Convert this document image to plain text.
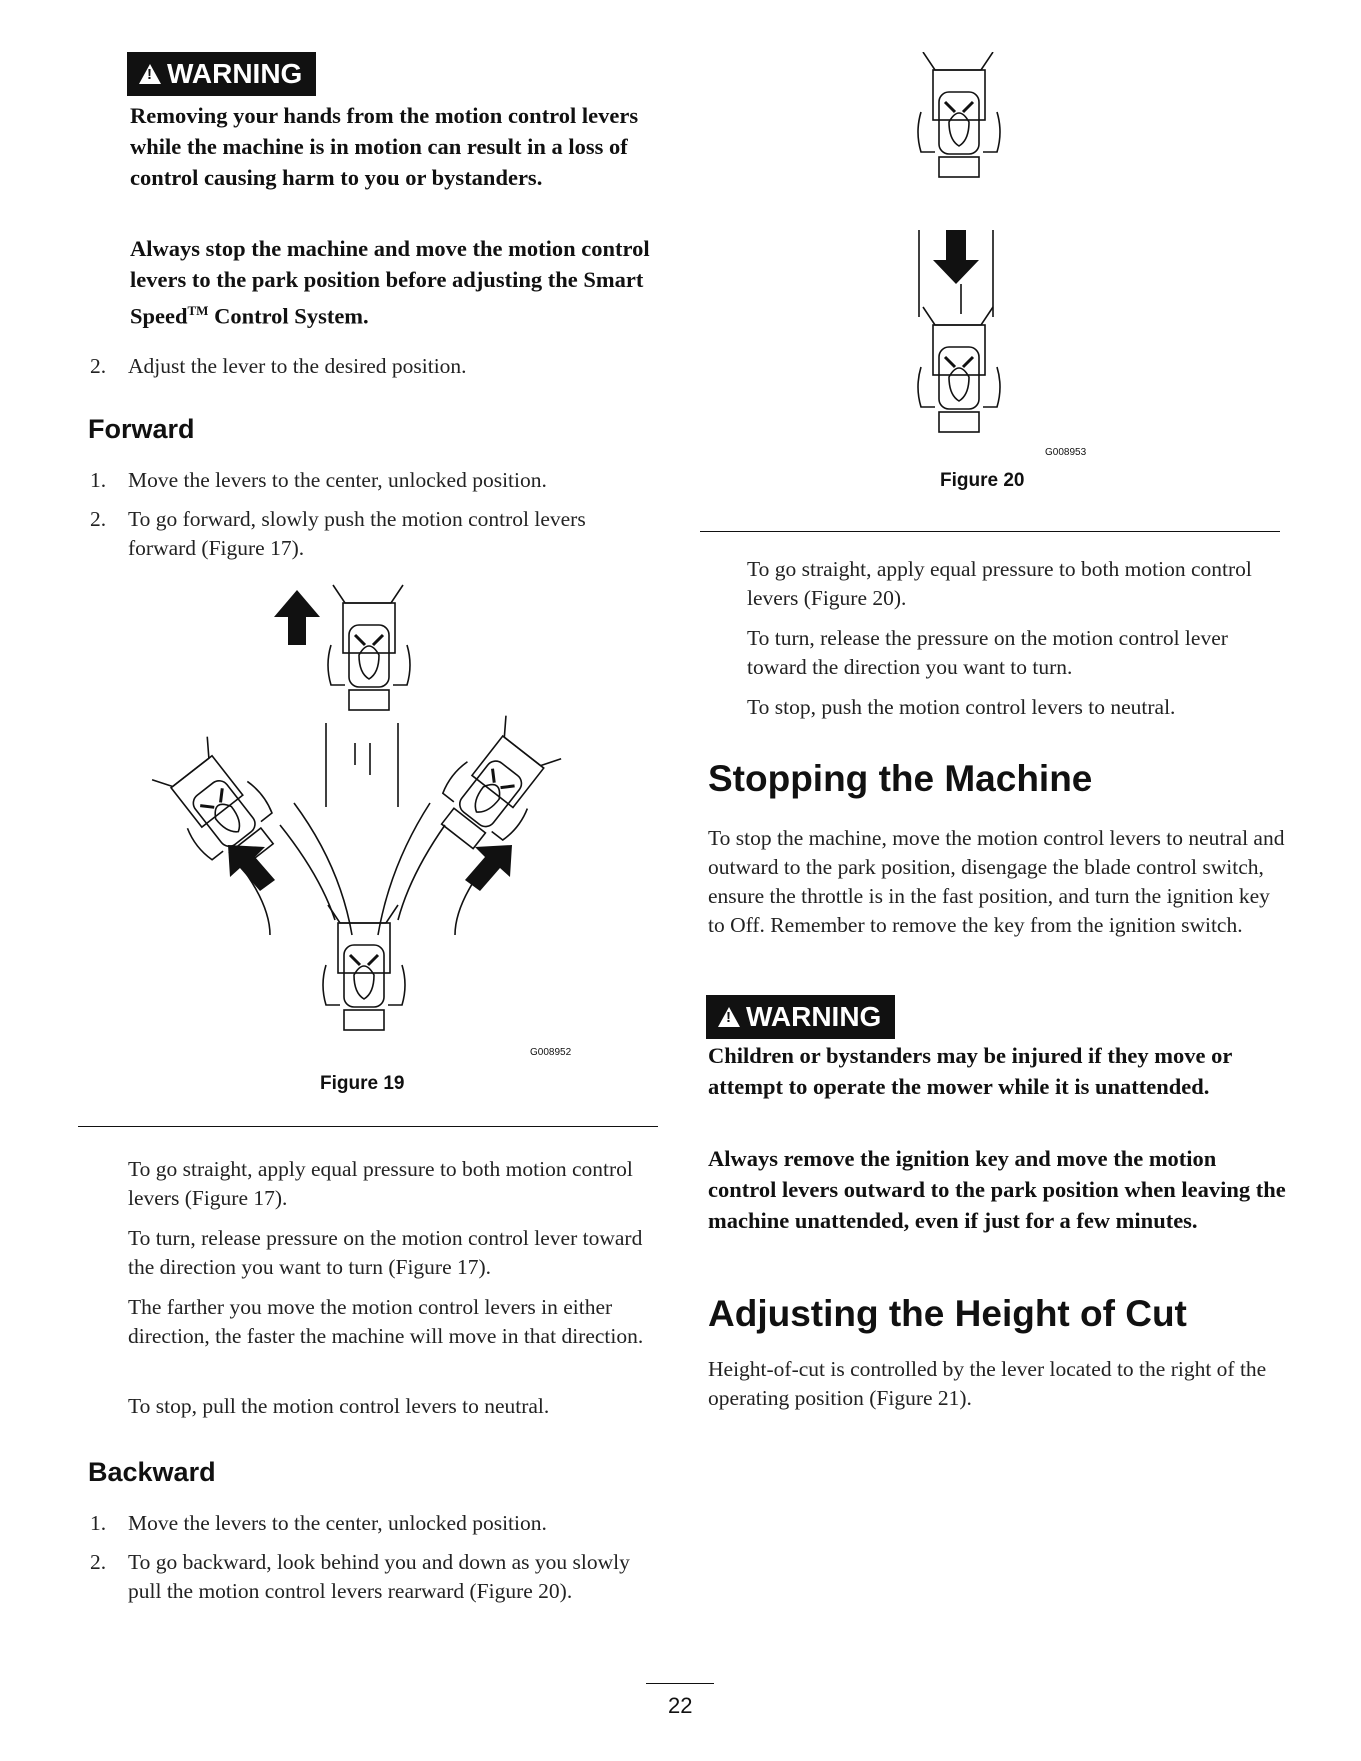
!WARNING
Removing your hands from the motion control levers while the machine is in motion can result in a loss of control causing harm to you or bystanders.
Always stop the machine and move the motion control levers to the park position before adjusting the Smart Speed™ Control System.
2. Adjust the lever to the desired position.
Forward
1. Move the levers to the center, unlocked position.
2. To go forward, slowly push the motion control levers forward (Figure 17).
G008952
Figure 19
To go straight, apply equal pressure to both motion control levers (Figure 17).
To turn, release pressure on the motion control lever toward the direction you want to turn (Figure 17).
The farther you move the motion control levers in either direction, the faster the machine will move in that direction.
To stop, pull the motion control levers to neutral.
Backward
1. Move the levers to the center, unlocked position.
2. To go backward, look behind you and down as you slowly pull the motion control levers rearward (Figure 20).
G008953
Figure 20
To go straight, apply equal pressure to both motion control levers (Figure 20).
To turn, release the pressure on the motion control lever toward the direction you want to turn.
To stop, push the motion control levers to neutral.
Stopping the Machine
To stop the machine, move the motion control levers to neutral and outward to the park position, disengage the blade control switch, ensure the throttle is in the fast position, and turn the ignition key to Off. Remember to remove the key from the ignition switch.
!WARNING
Children or bystanders may be injured if they move or attempt to operate the mower while it is unattended.
Always remove the ignition key and move the motion control levers outward to the park position when leaving the machine unattended, even if just for a few minutes.
Adjusting the Height of Cut
Height-of-cut is controlled by the lever located to the right of the operating position (Figure 21).
22
